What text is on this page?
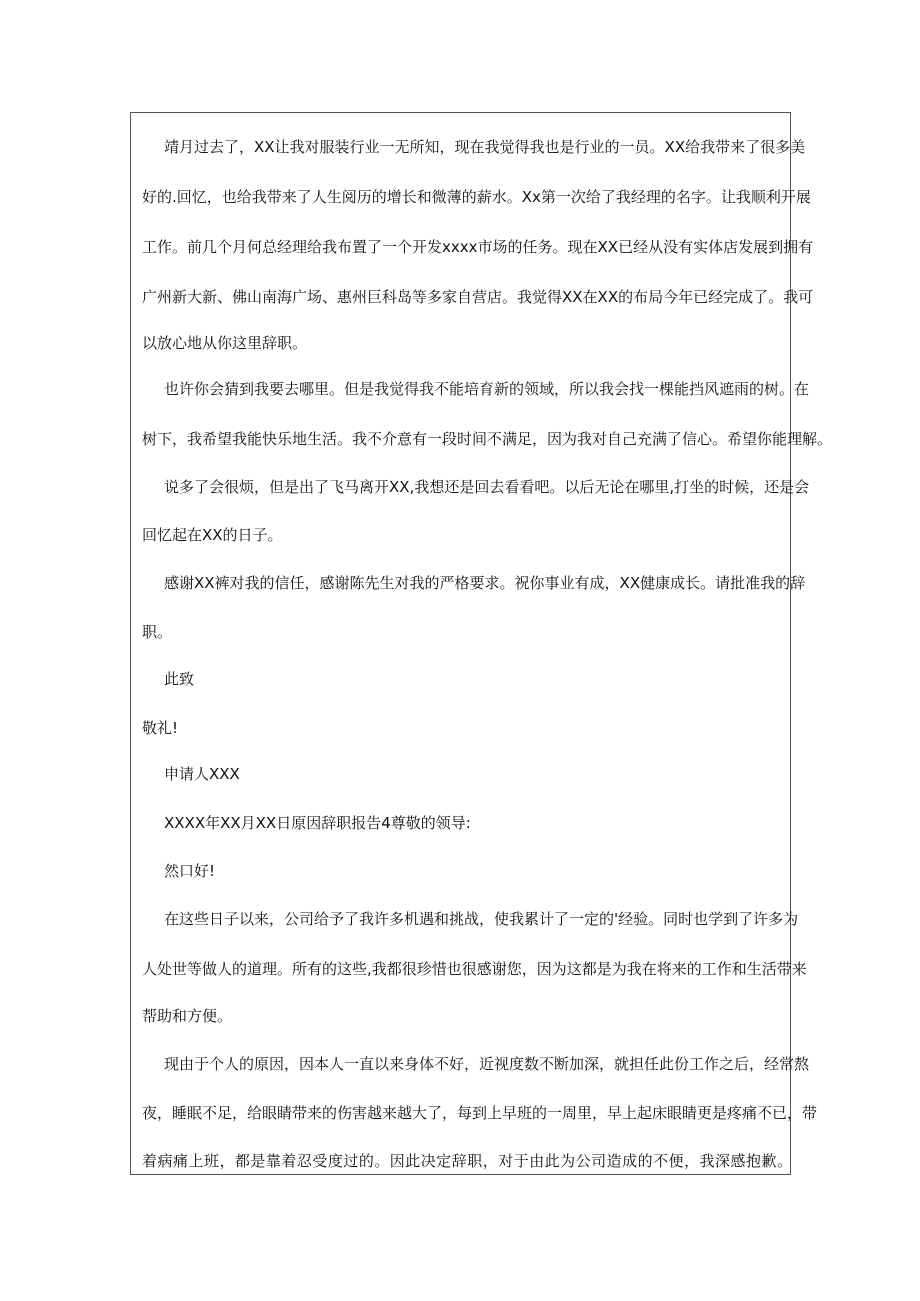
靖月过去了，XX让我对服装行业一无所知，现在我觉得我也是行业的一员。XX给我带来了很多美
好的.回忆，也给我带来了人生阅历的增长和微薄的薪水。Xx第一次给了我经理的名字。让我顺利开展
工作。前几个月何总经理给我布置了一个开发xxxx市场的任务。现在XX已经从没有实体店发展到拥有
广州新大新、佛山南海广场、惠州巨科岛等多家自营店。我觉得XX在XX的布局今年已经完成了。我可
以放心地从你这里辞职。
也许你会猜到我要去哪里。但是我觉得我不能培育新的领域，所以我会找一棵能挡风遮雨的树。在
树下，我希望我能快乐地生活。我不介意有一段时间不满足，因为我对自己充满了信心。希望你能理解。
说多了会很烦，但是出了飞马离开XX,我想还是回去看看吧。以后无论在哪里,打坐的时候，还是会
回忆起在XX的日子。
感谢XX裤对我的信任，感谢陈先生对我的严格要求。祝你事业有成，XX健康成长。请批准我的辞
职。
此致
敬礼!
申请人XXX
XXXX年XX月XX日原因辞职报告4尊敬的领导:
然口好!
在这些日子以来，公司给予了我许多机遇和挑战，使我累计了一定的'经验。同时也学到了许多为
人处世等做人的道理。所有的这些,我都很珍惜也很感谢您，因为这都是为我在将来的工作和生活带来
帮助和方便。
现由于个人的原因，因本人一直以来身体不好，近视度数不断加深，就担任此份工作之后，经常熬
夜，睡眠不足，给眼睛带来的伤害越来越大了，每到上早班的一周里，早上起床眼睛更是疼痛不已，带
着病痛上班，都是靠着忍受度过的。因此决定辞职，对于由此为公司造成的不便，我深感抱歉。
